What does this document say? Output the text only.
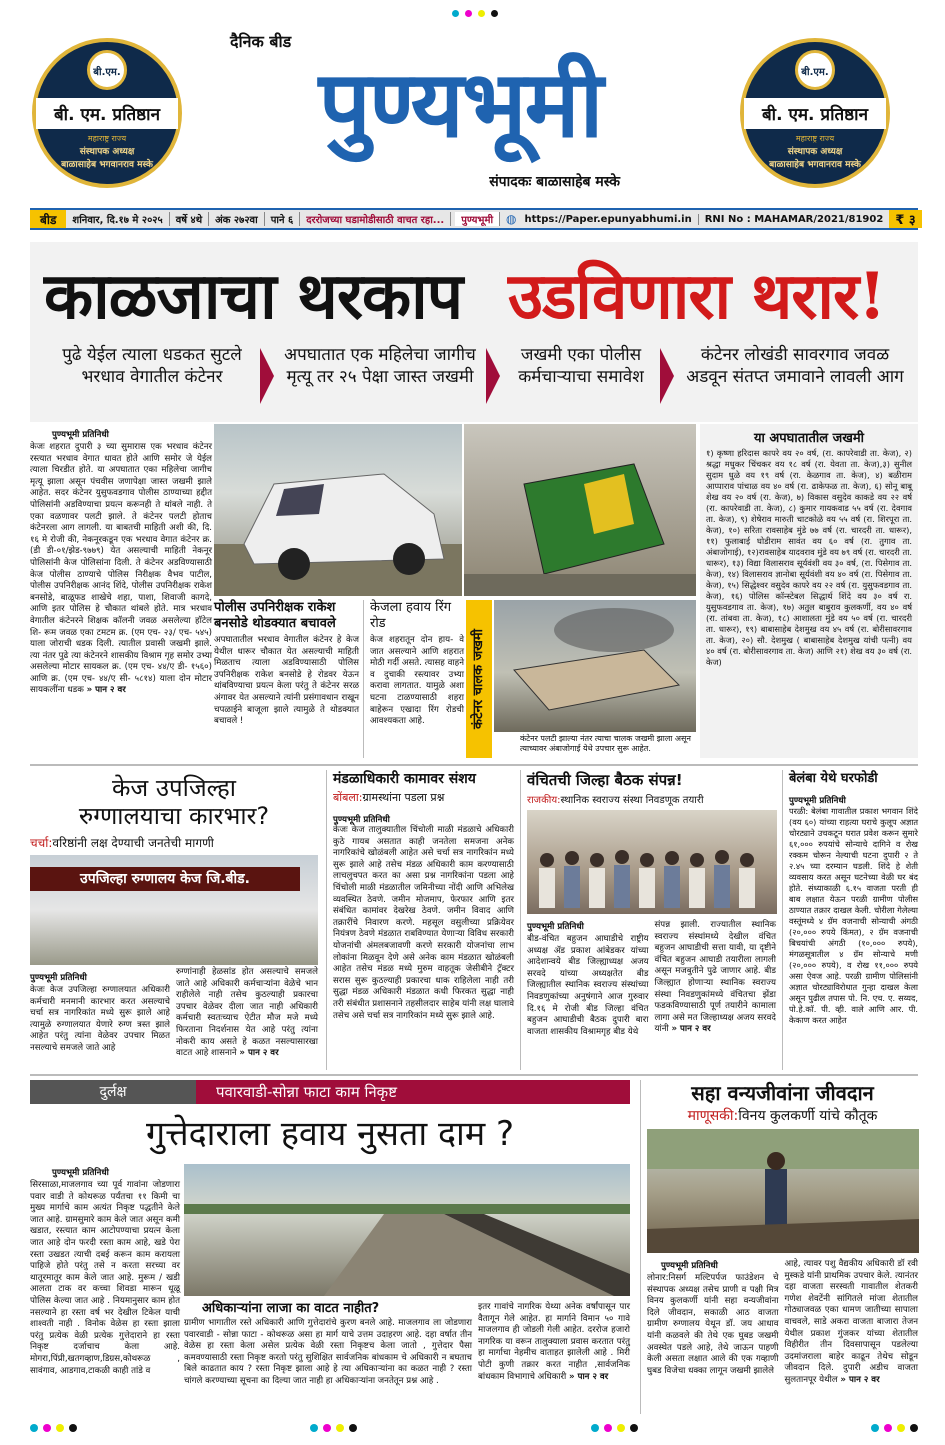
बी.एम.
बी. एम. प्रतिष्ठान
महाराष्ट्र राज्य
संस्थापक अध्यक्ष
बाळासाहेब भगवानराव मस्के
बी.एम.
बी. एम. प्रतिष्ठान
महाराष्ट्र राज्य
संस्थापक अध्यक्ष
बाळासाहेब भगवानराव मस्के
दैनिक बीड
पुण्यभूमी
संपादकः बाळासाहेब मस्के
बीड	शनिवार, दि.१७ मे २०२५	वर्षे ४थे	अंक २७२वा	पाने ६	दररोजच्या घडामोडीसाठी वाचत रहा...	पुण्यभूमी	◍ https://Paper.epunyabhumi.in	RNI No : MAHAMAR/2021/81902 ₹ ३
काळजाचा थरकाप उडविणारा थरार!
पुढे येईल त्याला धडकत सुटले भरधाव वेगातील कंटेनर
अपघातात एक महिलेचा जागीच मृत्यू तर २५ पेक्षा जास्त जखमी
जखमी एका पोलीस कर्मचाऱ्याचा समावेश
कंटेनर लोखंडी सावरगाव जवळ अडवून संतप्त जमावाने लावली आग
पुण्यभूमी प्रतिनिधी
केजः शहरात दुपारी ३ च्या सुमारास एक भरधाव कंटेनर रस्त्यात भरधाव वेगात धावत होते आणि समोर जे येईल त्याला चिरडीत होते. या अपघातात एका महिलेचा जागीच मृत्यू झाला असून पंचवीस जणापेक्षा जास्त जखमी झाले आहेत. सदर कंटेनर युसुफवडगाव पोलीस ठाण्याच्या हद्दीत पोलिसांनी अडविण्याचा प्रयत्न करूनही ते थांबले नाही. ते एका वळणावर पलटी झाले. ते कंटेनर पलटी होताच कंटेनरला आग लागली. या बाबतची माहिती अशी की, दि. १६ मे रोजी की, नेकनूरकडून एक भरधाव वेगात कंटेनर क्र. (डी डी-०१/झेड-९७७९) येत असल्याची माहिती नेकनूर पोलिसांनी केज पोलिसांना दिली. ते कंटेनर अडविण्यासाठी केज पोलीस ठाण्याचे पोलिस निरीक्षक वैभव पाटील, पोलीस उपनिरीक्षक आनंद शिंदे, पोलीस उपनिरीक्षक राकेश बनसोडे, बाळूफड शाखेचे शहा, पाशा, शिवाजी कागदे, आणि इतर पोलिस हे चौकात थांबले होते. मात्र भरधाव वेगातील कंटेनरने शिक्षक कॉलनी जवळ असलेल्या हॉटेल शि- रूम जवळ एका टमटम क्र. (एम एच- २३/ एच- ५४५) याला जोराची धडक दिली. त्यातील प्रवासी जखमी झाले. त्या नंतर पुढे त्या कंटेनरने शासकीय विश्राम गृह समोर उभ्या असलेल्या मोटार सायकल क्र. (एम एच- ४४/ए डी- १५६०) आणि क्र. (एम एच- ४४/ए सी- ५८१४) याला दोन मोटार सायकलींना धडक » पान २ वर
पोलीस उपनिरीक्षक राकेश बनसोडे थोडक्यात बचावले
अपघातातील भरधाव वेगातील कंटेनर हे केज येथील धारूर चौकात येत असल्याची माहिती मिळताच त्याला अडविण्यासाठी पोलिस उपनिरीक्षक राकेश बनसोडे हे रोडवर येऊन थांबविण्याचा प्रयत्न केला परंतु ते कंटेनर सरळ अंगावर येत असल्याने त्यांनी प्रसंगावधान राखून चपळाईने बाजूला झाले त्यामुळे ते थोडक्यात बचावले !
केजला हवाय रिंग रोड
केज शहरातून दोन हाय- वे जात असल्याने आणि शहरात मोठी गर्दी असते. त्यासह वाहने व दुचाकी रस्त्यावर उभ्या करावा लागतात. यामुळे अशा घटना टाळण्यासाठी शहरा बाहेरून एखादा रिंग रोडची आवश्यकता आहे.	कंटेनर चालक जखमी
कंटेनर पलटी झाल्या नंतर त्याचा चालक जखमी झाला असून त्याच्यावर अंबाजोगाई येथे उपचार सुरू आहेत.
या अपघातातील जखमी
१) कृष्णा हरिदास कापरे वय २० वर्ष, (रा. कापरेवाडी ता. केज), २) श्रद्धा मधुकर चिंचकर वय १८ वर्ष (रा. येवता ता. केज),३) सुनील सुदाम धुळे वय १९ वर्ष (रा. केळगाव ता. केज), ४) बळीराम आप्पाराव पांचाळ वय ४० वर्ष (रा. ढाकेफळ ता. केज), ६) सोनू बाबू शेख वय २० वर्ष (रा. केज), ७) विकास वसुदेव काकडे वय २२ वर्ष (रा. कापरेवाडी ता. केज), ८) कुमार गायकवाड ५५ वर्ष (रा. देवगाव ता. केज), ९) शेषेराव मारुती चाटकोळे वय ५५ वर्ष (रा. शिरपूरा ता. केज), १०) सरिता रावसाहेब मुंडे ७७ वर्ष (रा. चारदरी ता. धारूर), ११) फुलाबाई घोडीराम सावंत वय ६० वर्ष (रा. तुगाव ता. अंबाजोगाई), १२)रावसाहेब यादवराव मुंडे वय ७९ वर्ष (रा. चारदरी ता. धारूर), १३) विद्या विलासराव सूर्यवंशी वय ३० वर्ष, (रा. पिसेगाव ता. केज), १४) विलासराव ज्ञानोबा सूर्यवंशी वय ४० वर्ष (रा. पिसेगाव ता. केज), १५) सिद्धेश्वर वसुदेव कापरे वय २२ वर्ष (रा. युसुफवडगाव ता. केज), १६) पोलिस कॉन्स्टेबल सिद्धार्थ शिंदे वय ३० वर्ष रा. युसुफवडगाव ता. केज), १७) अतुल बाबुराव कुलकर्णी, वय ४० वर्ष (रा. तांबवा ता. केज), १८) आशालता मुंडे वय ५० वर्ष (रा. चारदरी ता. धारूर), १९) बाबासाहेब देशमुख वय ४५ वर्ष (रा. बोरीसावरगाव ता. केज), २०) सौ. देशमुख ( बाबासाहेब देशमुख यांची पत्नी) वय ४० वर्ष (रा. बोरीसावरगाव ता. केज) आणि २१) शेख वय ३० वर्ष (रा. केज)
केज उपजिल्हा रुग्णालयाचा कारभार?
चर्चा:वरिष्ठांनी लक्ष देण्याची जनतेची मागणी
उपजिल्हा रुग्णालय केज जि.बीड.
पुण्यभूमी प्रतिनिधी
केजः केज उपजिल्हा रुग्णालयात अधिकारी कर्मचारी मनमानी कारभार करत असल्याचे चर्चा सत्र नागरिकांत मध्ये सुरू झाले आहे त्यामुळे रुग्णालयात येणारे रुग्ण त्रस्त झाले आहेत परंतु त्यांना वेळेवर उपचार मिळत नसल्याचे समजले जाते आहे
रुग्णांनाही हेळसांड होत असल्याचे समजले जाते आहे अधिकारी कर्मचाऱ्यांना वेळेचे भान राहीलेले नाही तसेच कुठल्याही प्रकारचा उपचार वेळेवर दीला जात नाही अधिकारी कर्मचारी स्वतःच्याच ऐटीत मौज मजे मध्ये फिरताना निदर्शनास येत आहे परंतु त्यांना नोकरी काय असते हे कळत नसल्यासारखा वाटत आहे शासनाने » पान २ वर
मंडळाधिकारी कामावर संशय
बोंबला:ग्रामस्थांना पडला प्रश्न
पुण्यभूमी प्रतिनिधी
केजः केज तालुक्यातील चिंचोली माळी मंडळाचे अधिकारी कुठे गायब असतात काही जनतेला समजना अनेक नागरिकांचे खोळंबली आहेत असे चर्चा सत्र नागरिकांन मध्ये सुरू झाले आहे तसेच मंडळ अधिकारी काम करण्यासाठी लाचलुचपत करत का असा प्रश्न नागरिकांना पडला आहे चिंचोली माळी मंडळातील जमिनीच्या नोंदी आणि अभिलेख व्यवस्थित ठेवणे. जमीन मोजमाप, फेरफार आणि इतर संबंधित कामांवर देखरेख ठेवणे. जमीन विवाद आणि तक्रारींचे निवारण करणे. महसूल वसुलीच्या प्रक्रियेवर नियंत्रण ठेवणे मंडळात राबविण्यात येणाऱ्या विविध सरकारी योजनांची अंमलबजावणी करणे सरकारी योजनांचा लाभ लोकांना मिळवून देणे असे अनेक काम मंडळात खोळंबली आहेत तसेच मंडळ मध्ये मुरुम वाहतूक जेसीबीने ट्रॅक्टर सरास सुरू कुठल्याही प्रकारचा धाक राहिलेला नाही तरी सुद्धा मंडळ अधिकारी मंडळात कधी फिरकत सुद्धा नाही तरी संबंधीत प्रशासनाने तहसीलदार साहेब यांनी लक्ष घालावे तसेच असे चर्चा सत्र नागरिकांन मध्ये सुरू झाले आहे.
वंचितची जिल्हा बैठक संपन्न!
राजकीय:स्थानिक स्वराज्य संस्था निवडणूक तयारी
पुण्यभूमी प्रतिनिधी
बीड-वंचित बहुजन आघाडीचे राष्ट्रीय अध्यक्ष ॲड प्रकाश आंबेडकर यांच्या आदेशान्वये बीड जिल्ह्याध्यक्ष अजय सरवदे यांच्या अध्यक्षतेत बीड जिल्ह्यातील स्थानिक स्वराज्य संस्थांच्या निवडणुकांच्या अनुषंगाने आज गुरुवार दि.१६ मे रोजी बीड जिल्हा वंचित बहुजन आघाडीची बैठक दुपारी बारा वाजता शासकीय विश्रामगृह बीड येथे
संपन्न झाली. राज्यातील स्थानिक स्वराज्य संस्थांमध्ये देखील वंचित बहुजन आघाडीची सत्ता यावी, या दृष्टीने वंचित बहुजन आघाडी तयारीला लागली असून मजबुतीने पुढे जाणार आहे. बीड जिल्ह्यात होणाऱ्या स्थानिक स्वराज्य संस्था निवडणुकांमध्ये वंचितचा झेंडा फडकविण्यासाठी पूर्ण तयारीने कामाला लागा असे मत जिल्हाध्यक्ष अजय सरवदे यांनी » पान २ वर
बेलंबा येथे घरफोडी
पुण्यभूमी प्रतिनिधी
परळी: बेलंबा गावातील प्रकाश भगवान शिंदे (वय ६०) यांच्या राहत्या घराचे कुलूप अज्ञात चोरट्याने उचकटून घरात प्रवेश करून सुमारे ६१,००० रुपयांचे सोन्याचे दागिने व रोख रक्कम चोरून नेल्याची घटना दुपारी २ ते २.४५ च्या दरम्यान घडली. शिंदे हे शेती व्यवसाय करत असून घटनेच्या वेळी घर बंद होते. संध्याकाळी ६.१५ वाजता परती ही बाब लक्षात येऊन परळी ग्रामीण पोलीस ठाण्यात तक्रार दाखल केली. चोरीला गेलेल्या वस्तूंमध्ये ४ ग्रॅम वजनाची सोन्याची अंगठी (२०,००० रुपये किंमत), २ ग्रॅम वजनाची बिचयांची अंगठी (१०,००० रुपये), मंगळसूत्रातील ४ ग्रॅम सोन्याचे मणी (२०,००० रुपये), व रोख ११,००० रुपये असा ऐवज आहे. परळी ग्रामीण पोलिसांनी अज्ञात चोरट्याविरोधात गुन्हा दाखल केला असून पुढील तपास पो. नि. एच. ए. सय्यद, पो.हे.कॉ. पी. व्ही. वाले आणि आर. पी. केकाण करत आहेत
दुर्लक्ष	पवारवाडी-सोन्ना फाटा काम निकृष्ट
गुत्तेदाराला हवाय नुसता दाम ?
पुण्यभूमी प्रतिनिधी
सिरसाळा,माजलगाव च्या पूर्व गावांना जोडणारा पवार वाडी ते कोथरूळ पर्यंतचा ११ किमी चा मुख्य मार्गाचे काम अत्यंत निकृष्ट पद्धतीने केले जात आहे. ग्रामसुमारे काम केले जात असून कमी खडात, रस्त्यात काम आटोपण्याचा प्रयत्न केला जात आहे दोन फरदी रस्ता काम आहे, खडे पेरा रस्ता उखडत त्याची दबई करून काम करायला पाहिजे होते परंतु तसे न करता सरच्या वर थातूरमातूर काम केले जात आहे. मुरूम / खडी आलता टाक वर कच्चा शिवडा मारून धूळू पोलिस केल्या जात आहे . नियमानुसार काम होत नसल्याने हा रस्ता वर्ष भर देखील टिकेल याची शाश्वती नाही . विनोक वेळेस हा रस्ता झाला परंतु प्रत्येक वेळी प्रत्येक गुत्तेदाराने हा रस्ता निकृष्ट दर्जाचाच केला आहे. मोगरा,पिंप्री,खतगव्हाण,डिग्रस,कोथरूळ , सावंगाव, आडगाव,टाकळी काही तांडे व
अधिकाऱ्यांना लाजा का वाटत नाहीत?
ग्रामीण भागातील रस्ते अधिकारी आणि गुत्तेदारांचे कुरण बनले आहे. माजलगाव ला जोडणारा पवारवाडी - सोन्ना फाटा - कोथरूळ असा हा मार्ग याचे उत्तम उदाहरण आहे. दहा वर्षात तीन वेळेस हा रस्ता केला असेल प्रत्येक वेळी रस्ता निकृष्टच केला जातो , गुत्तेदार पैसा कमवण्यासाठी रस्ता निकृष्ट करतो परंतु सुशिक्षित सार्वजनिक बांधकाम चे अधिकारी न बघताच बिले काढतात काय ? रस्ता निकृष्ट झाला आहे हे त्या अधिकाऱ्यांना का कळत नाही ? रस्ता चांगले करण्याच्या सूचना का दिल्या जात नाही हा अधिकाऱ्यांना जनतेतून प्रश्न आहे .
इतर गावांचे नागरिक येथ्या अनेक वर्षांपासून पार वैतागून गेले आहेत. हा मार्गाने विमान ५० गावे माजलगाव ही जोडली गेली आहेत. दररोज हजारो नागरिक या वरून तालुक्याला प्रवास करतात परंतु हा मार्गाचा नेहमीच वाताहत झालेली आहे . मिरी पोटी कुणी तक्रार करत नाहीत ,सार्वजनिक बांधकाम विभागाचे अधिकारी » पान २ वर
सहा वन्यजीवांना जीवदान
माणूसकी:विनय कुलकर्णी यांचे कौतूक
पुण्यभूमी प्रतिनिधी
लोनार:निसर्ग मल्टिपर्पज फाउंडेशन चे संस्थापक अध्यक्ष तसेच प्राणी व पक्षी मित्र विनय कुलकर्णी यांनी सहा वन्यजीवांना दिले जीवदान, सकाळी आठ वाजता ग्रामीण रुग्णालय येथून डॉ. जय आधाव यांनी कळवले की तेथे एक घुबड जखमी अवस्थेत पडले आहे, तेथे जाऊन पाहणी केली असता लक्षात आले की एक गव्हाणी घुबड विजेचा धक्का लागून जखमी झालेले
आहे, त्यावर पशु वैद्यकीय अधिकारी डॉ रवी मुस्कडे यांनी प्राथमिक उपचार केले. त्यानंतर दहा वाजता सरस्वती गावातील शेतकरी गणेश शेवटेंनी सांगितले मांजा शेतातील गोठ्याजवळ एका धामण जातीच्या सापाला वाचवले, साडे अकरा वाजता बाजारा तेजन येथील प्रकाश गुंजकर यांच्या शेतातील विहीरीत तीन दिवसापासून पडलेल्या उदमांजराला बाहेर काढून तेथेच सोडून जीवदान दिले. दुपारी अडीच वाजता सुलतानपूर येथील » पान २ वर
